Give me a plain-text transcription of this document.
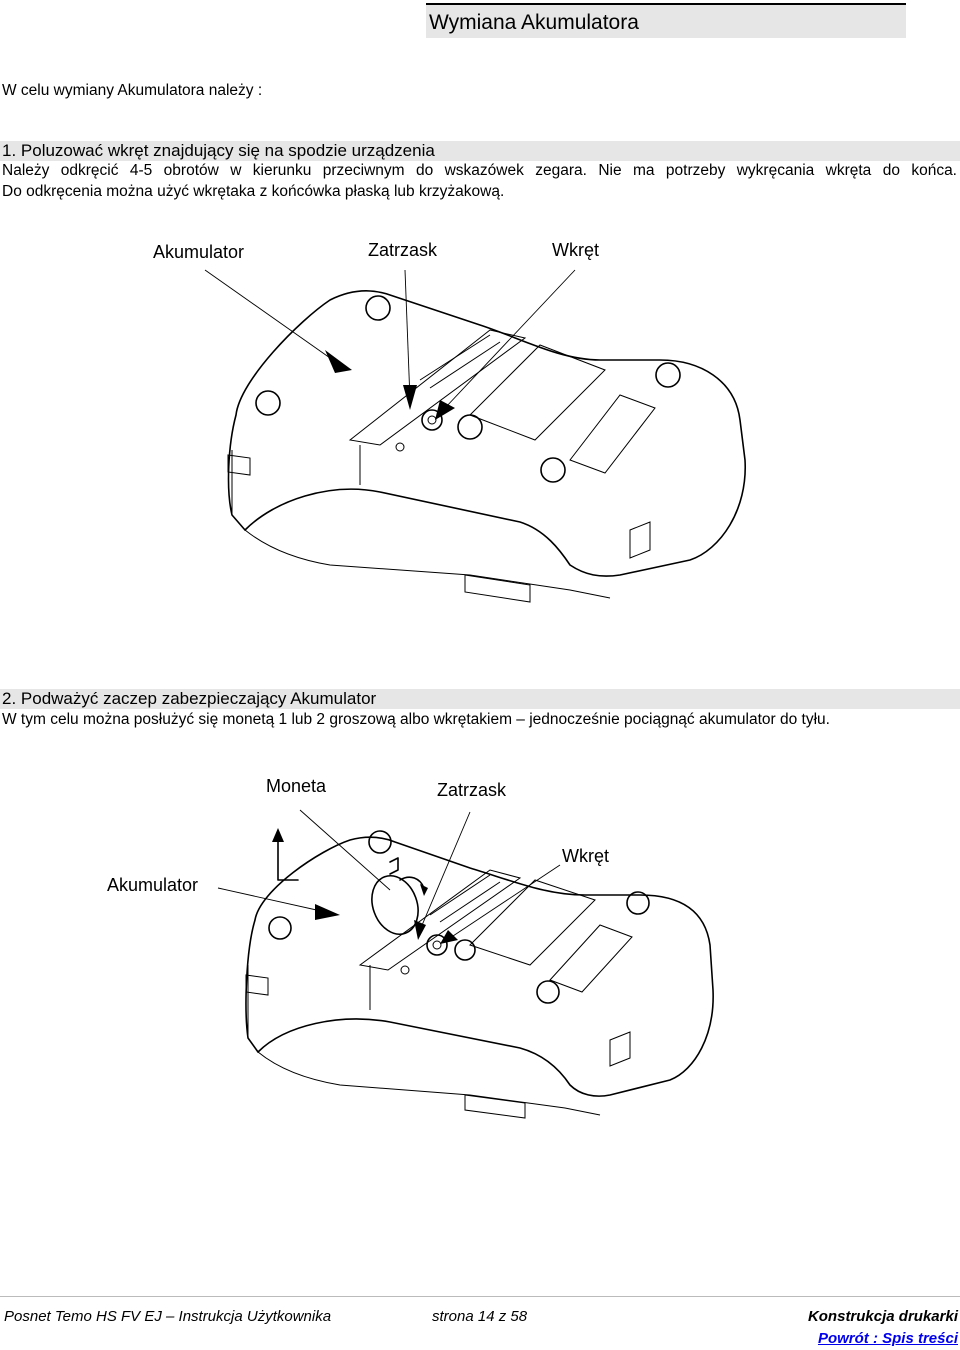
Wymiana Akumulatora
W celu wymiany Akumulatora należy :
1. Poluzować wkręt znajdujący się na spodzie urządzenia
Należy odkręcić 4-5 obrotów w kierunku przeciwnym do wskazówek zegara. Nie ma potrzeby wykręcania wkręta do końca.
Do odkręcenia można użyć wkrętaka z końcówka płaską lub krzyżakową.
Akumulator	Zatrzask	Wkręt
2. Podważyć zaczep zabezpieczający Akumulator
W tym celu można posłużyć się monetą 1 lub 2 groszową albo wkrętakiem – jednocześnie pociągnąć akumulator do tyłu.
Moneta	Zatrzask
Wkręt
Akumulator
Posnet Temo HS FV EJ – Instrukcja Użytkownika	strona 14 z 58	Konstrukcja drukarki
Powrót : Spis treści
